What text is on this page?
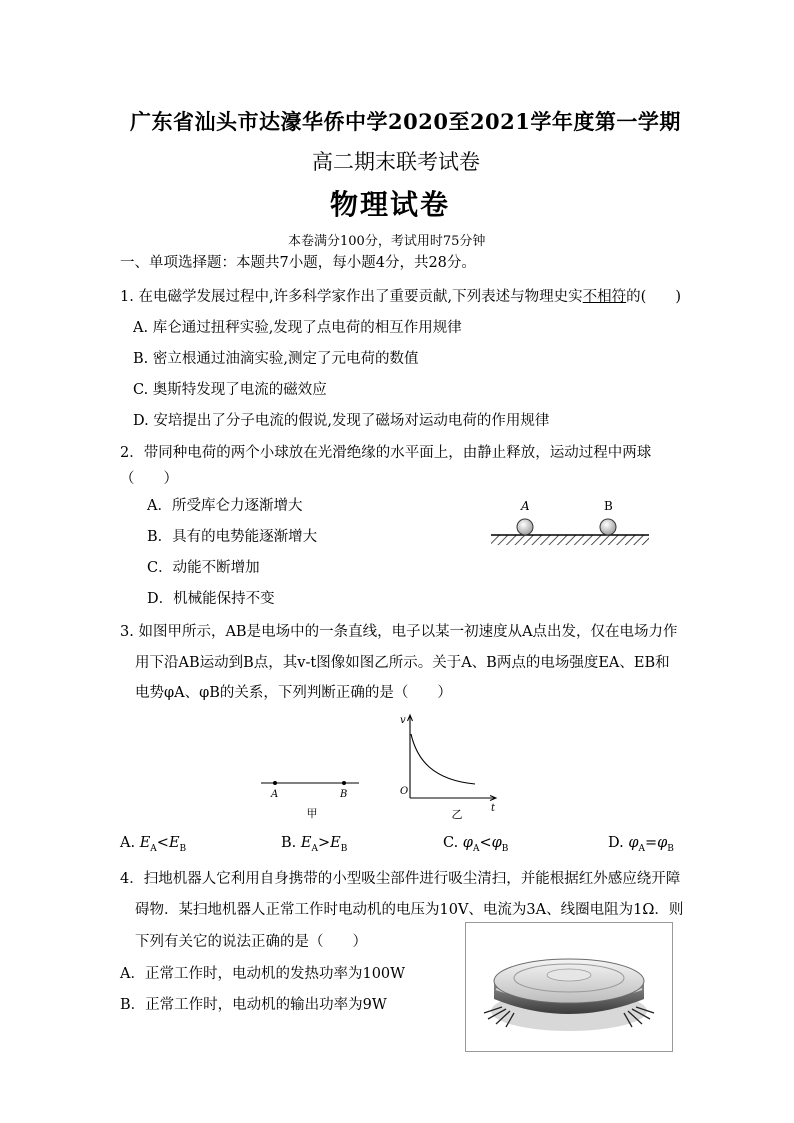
广东省汕头市达濠华侨中学2020至2021学年度第一学期
高二期末联考试卷
物理试卷
本卷满分100分，考试用时75分钟
一、单项选择题：本题共7小题，每小题4分，共28分。
1. 在电磁学发展过程中,许多科学家作出了重要贡献,下列表述与物理史实不相符的(　　)
A. 库仑通过扭秤实验,发现了点电荷的相互作用规律
B. 密立根通过油滴实验,测定了元电荷的数值
C. 奥斯特发现了电流的磁效应
D. 安培提出了分子电流的假说,发现了磁场对运动电荷的作用规律
2．带同种电荷的两个小球放在光滑绝缘的水平面上，由静止释放，运动过程中两球
（　　）
A．所受库仑力逐渐增大
B．具有的电势能逐渐增大
C．动能不断增加
D．机械能保持不变
A	B
3. 如图甲所示，AB是电场中的一条直线，电子以某一初速度从A点出发，仅在电场力作
用下沿AB运动到B点，其v-t图像如图乙所示。关于A、B两点的电场强度EA、EB和
电势φA、φB的关系，下列判断正确的是（　　）
A	B
甲
v
t
O
乙
A. $E_A<E_B$	B. $E_A>E_B$	C. $\varphi_A<\varphi_B$	D. $\varphi_A=\varphi_B$
4．扫地机器人它利用自身携带的小型吸尘部件进行吸尘清扫，并能根据红外感应绕开障
碍物．某扫地机器人正常工作时电动机的电压为10V、电流为3A、线圈电阻为1Ω．则
下列有关它的说法正确的是（　　）
A．正常工作时，电动机的发热功率为100W
B．正常工作时，电动机的输出功率为9W
